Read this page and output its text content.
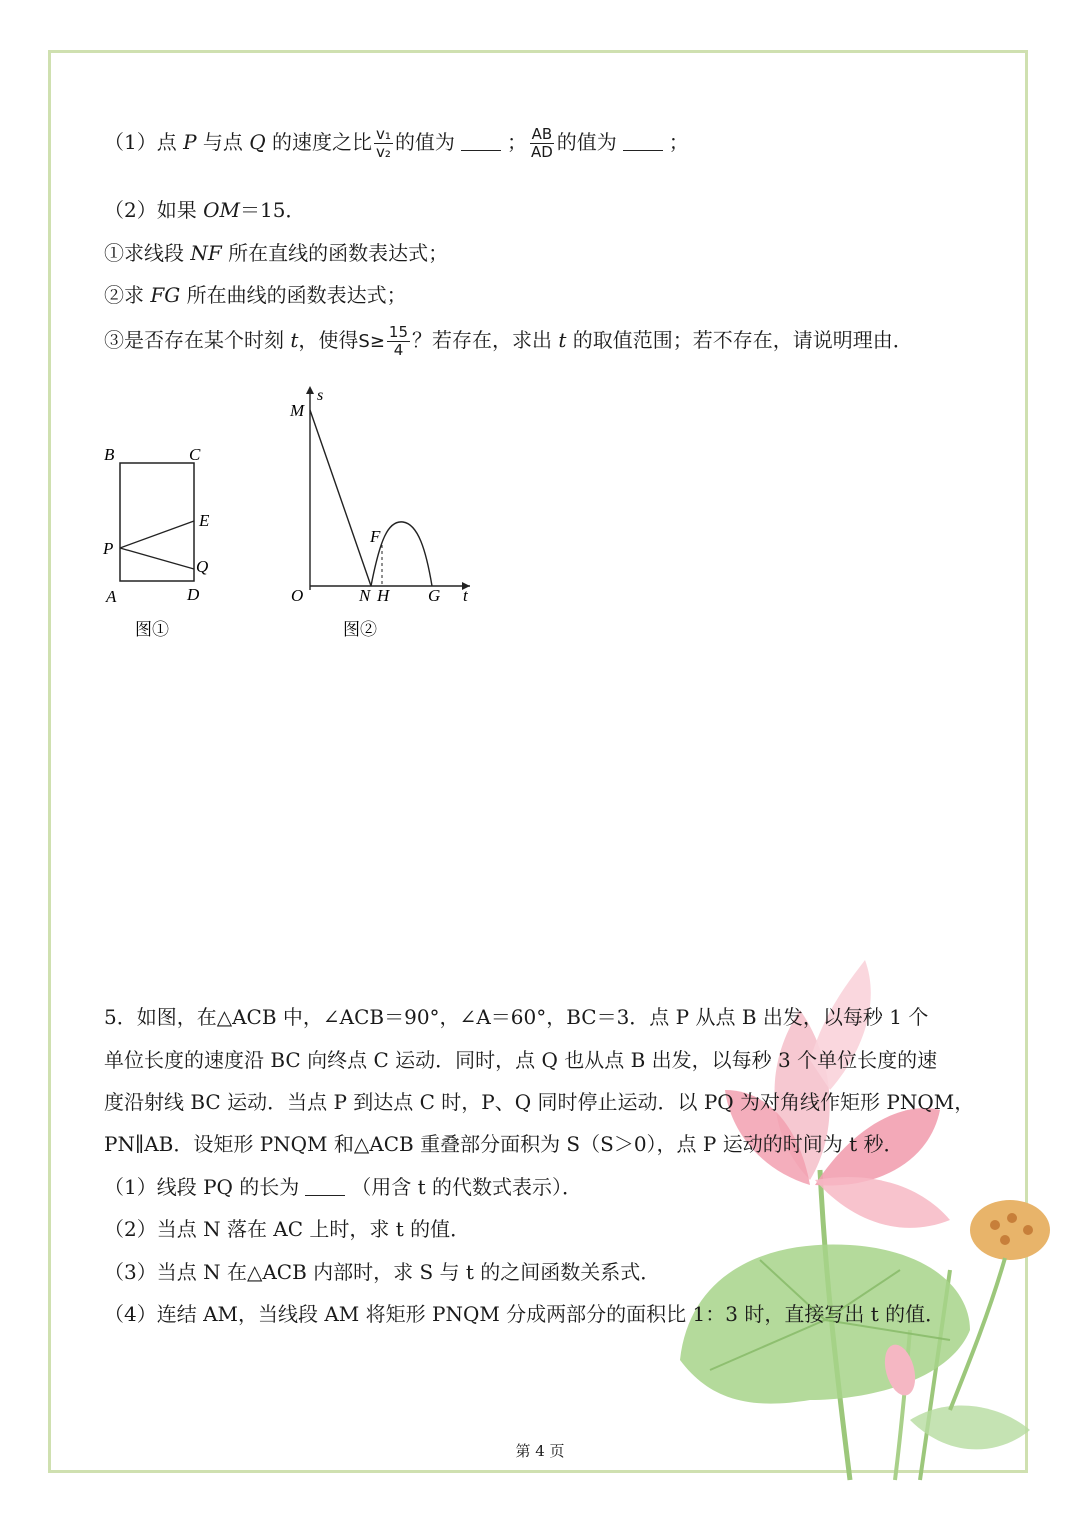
（1）点 P 与点 Q 的速度之比 $\frac{\text{v₁}}{\text{v₂}}$ 的值为	； $\frac{AB}{AD}$ 的值为	；
（2）如果 OM＝15．
①求线段 NF 所在直线的函数表达式；
②求 FG 所在曲线的函数表达式；
③是否存在某个时刻 t，使得$S\ge \frac{15}{4}$ ？若存在，求出 t 的取值范围；若不存在，请说明理由．
B	C
E
P
Q
A	D
图①
s
M
F
O	N H G t
图②
5．如图，在△ACB 中，∠ACB＝90°，∠A＝60°，BC＝3．点 P 从点 B 出发，以每秒 1 个
单位长度的速度沿 BC 向终点 C 运动．同时，点 Q 也从点 B 出发，以每秒 3 个单位长度的速
度沿射线 BC 运动．当点 P 到达点 C 时，P、Q 同时停止运动．以 PQ 为对角线作矩形 PNQM，
PN∥AB．设矩形 PNQM 和△ACB 重叠部分面积为 S（S＞0），点 P 运动的时间为 t 秒．
（1）线段 PQ 的长为	（用含 t 的代数式表示）．
（2）当点 N 落在 AC 上时，求 t 的值．
（3）当点 N 在△ACB 内部时，求 S 与 t 的之间函数关系式．
（4）连结 AM，当线段 AM 将矩形 PNQM 分成两部分的面积比 1：3 时，直接写出 t 的值．
第 4 页
